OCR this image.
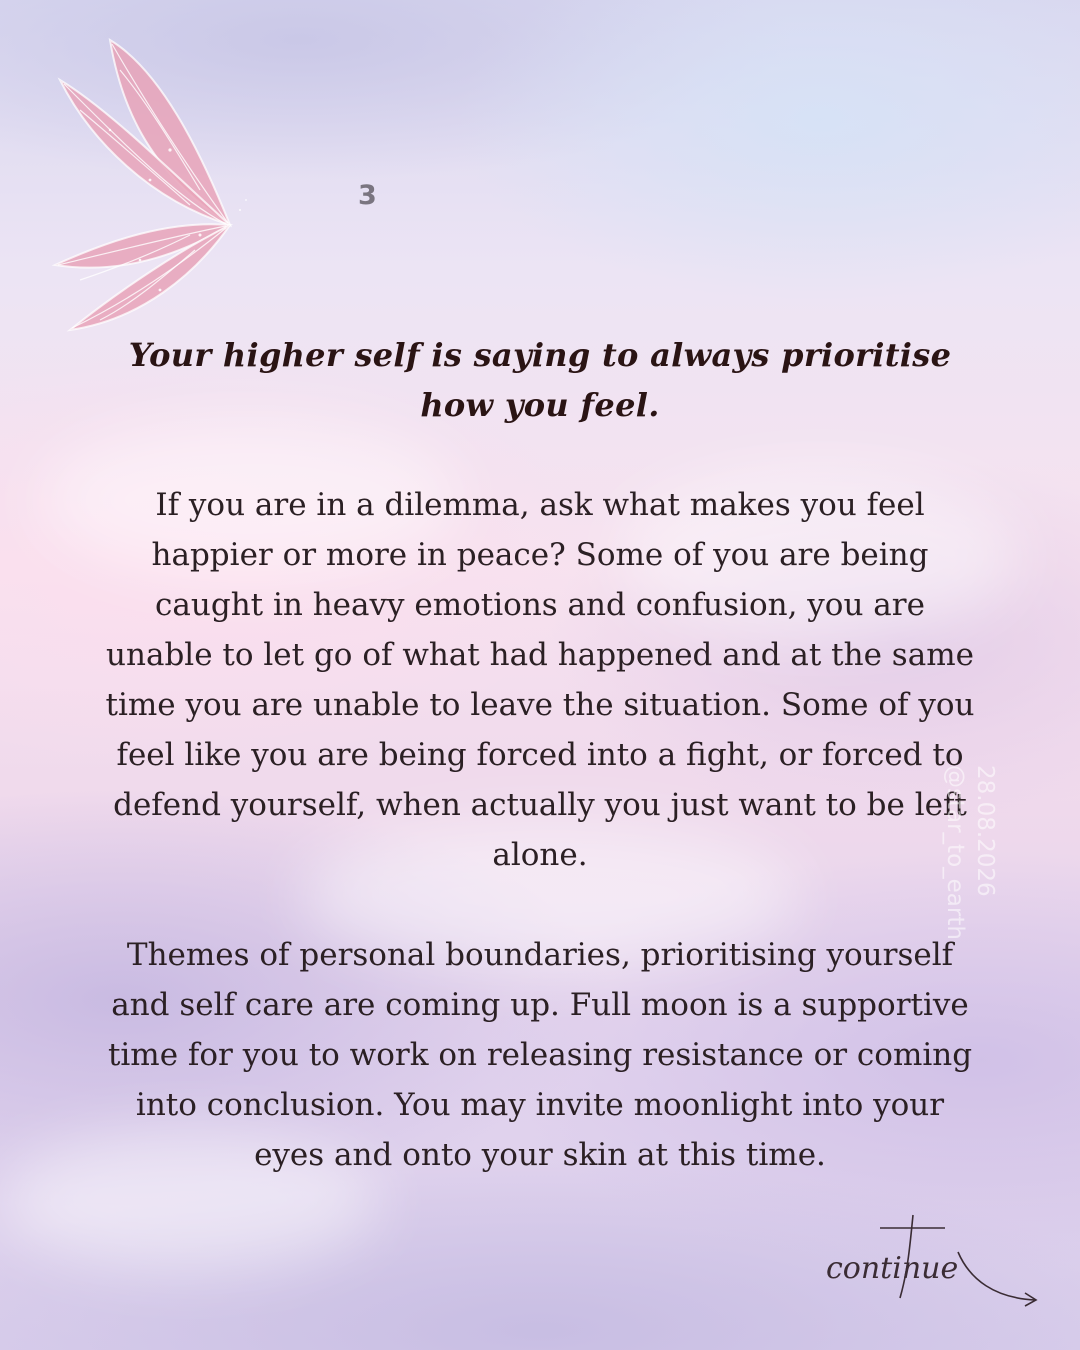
3

Your higher self is saying to always prioritise how you feel.

If you are in a dilemma, ask what makes you feel happier or more in peace? Some of you are being caught in heavy emotions and confusion, you are unable to let go of what had happened and at the same time you are unable to leave the situation. Some of you feel like you are being forced into a fight, or forced to defend yourself, when actually you just want to be left alone.

Themes of personal boundaries, prioritising yourself and self care are coming up. Full moon is a supportive time for you to work on releasing resistance or coming into conclusion. You may invite moonlight into your eyes and onto your skin at this time.

28.08.2026
@star_to_earth
continue
